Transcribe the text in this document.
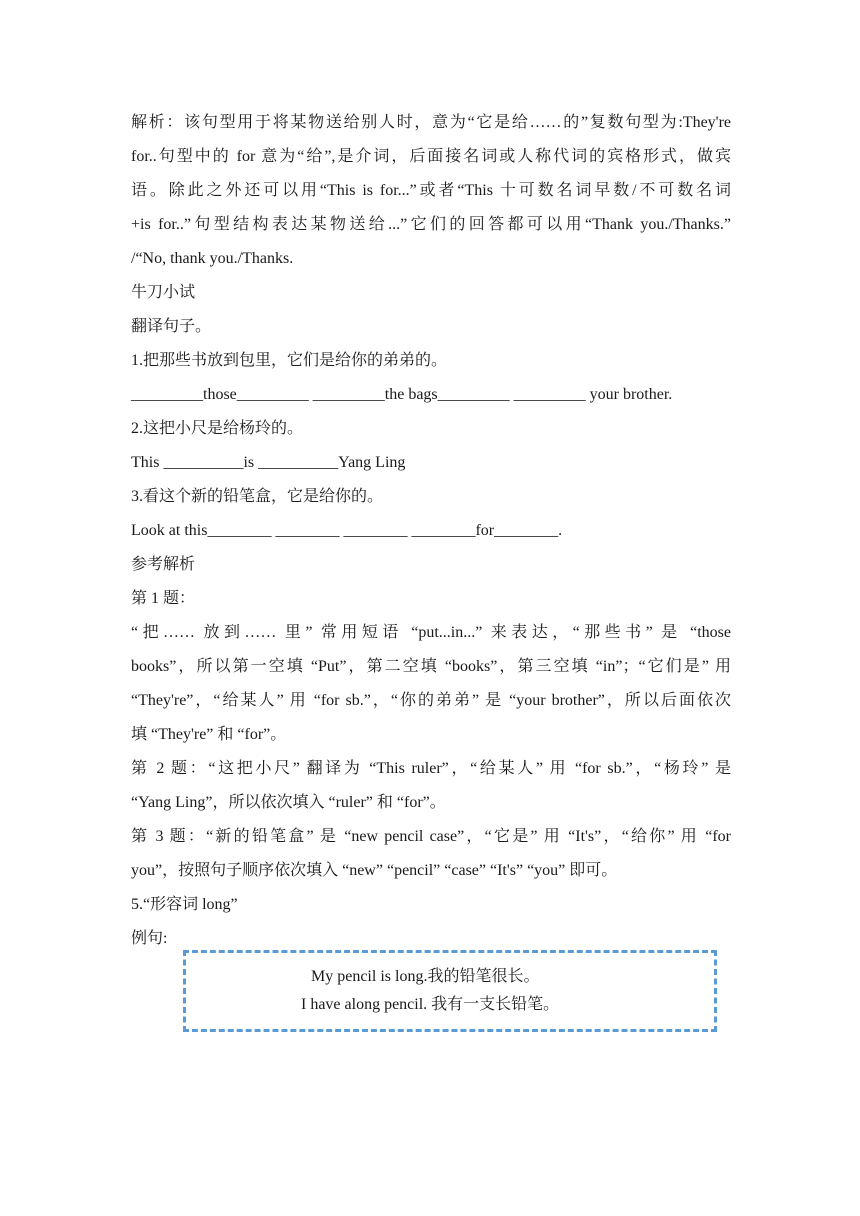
解析：该句型用于将某物送给别人时，意为“它是给……的”复数句型为:They're

for..句型中的 for 意为“给”,是介词，后面接名词或人称代词的宾格形式，做宾

语。除此之外还可以用“This is for...”或者“This 十可数名词早数/不可数名词

+is for..”句型结构表达某物送给...”它们的回答都可以用“Thank you./Thanks.”

/“No, thank you./Thanks.

牛刀小试

翻译句子。

1.把那些书放到包里，它们是给你的弟弟的。

_________those_________ _________the bags_________ _________ your brother.

2.这把小尺是给杨玲的。

This __________is __________Yang Ling

3.看这个新的铅笔盒，它是给你的。

Look at this________ ________ ________ ________for________.

参考解析

第 1 题：

“把…… 放到…… 里” 常用短语 “put...in...” 来表达，“那些书” 是 “those

books”，所以第一空填 “Put”，第二空填 “books”，第三空填 “in”；“它们是” 用

“They're”，“给某人” 用 “for sb.”，“你的弟弟” 是 “your brother”，所以后面依次

填 “They're” 和 “for”。

第 2 题：“这把小尺” 翻译为 “This ruler”，“给某人” 用 “for sb.”，“杨玲” 是

“Yang Ling”，所以依次填入 “ruler” 和 “for”。

第 3 题：“新的铅笔盒” 是 “new pencil case”，“它是” 用 “It's”，“给你” 用 “for

you”，按照句子顺序依次填入 “new” “pencil” “case” “It's” “you” 即可。

5.“形容词 long”

例句:

My pencil is long.我的铅笔很长。
I have along pencil. 我有一支长铅笔。
